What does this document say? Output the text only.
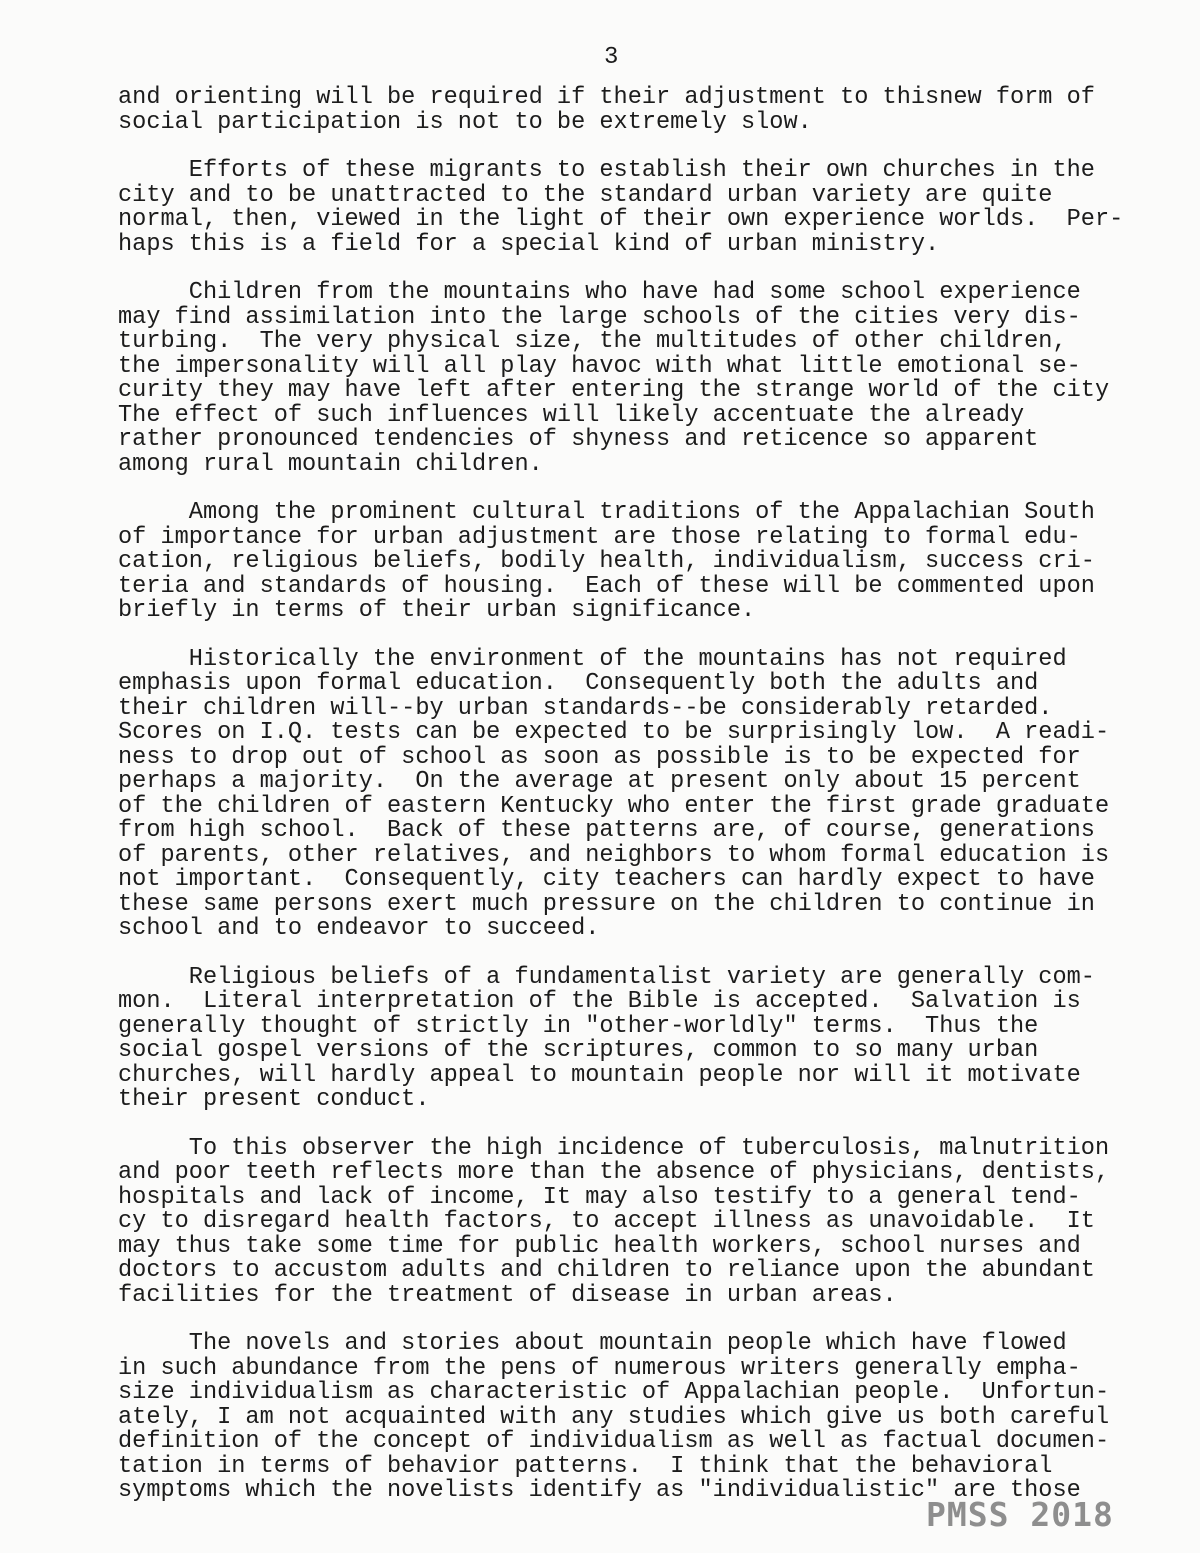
3
and orienting will be required if their adjustment to thisnew form of
social participation is not to be extremely slow.
Efforts of these migrants to establish their own churches in the
city and to be unattracted to the standard urban variety are quite
normal, then, viewed in the light of their own experience worlds.  Per-
haps this is a field for a special kind of urban ministry.
Children from the mountains who have had some school experience
may find assimilation into the large schools of the cities very dis-
turbing.  The very physical size, the multitudes of other children,
the impersonality will all play havoc with what little emotional se-
curity they may have left after entering the strange world of the city
The effect of such influences will likely accentuate the already
rather pronounced tendencies of shyness and reticence so apparent
among rural mountain children.
Among the prominent cultural traditions of the Appalachian South
of importance for urban adjustment are those relating to formal edu-
cation, religious beliefs, bodily health, individualism, success cri-
teria and standards of housing.  Each of these will be commented upon
briefly in terms of their urban significance.
Historically the environment of the mountains has not required
emphasis upon formal education.  Consequently both the adults and
their children will--by urban standards--be considerably retarded.
Scores on I.Q. tests can be expected to be surprisingly low.  A readi-
ness to drop out of school as soon as possible is to be expected for
perhaps a majority.  On the average at present only about 15 percent
of the children of eastern Kentucky who enter the first grade graduate
from high school.  Back of these patterns are, of course, generations
of parents, other relatives, and neighbors to whom formal education is
not important.  Consequently, city teachers can hardly expect to have
these same persons exert much pressure on the children to continue in
school and to endeavor to succeed.
Religious beliefs of a fundamentalist variety are generally com-
mon.  Literal interpretation of the Bible is accepted.  Salvation is
generally thought of strictly in "other-worldly" terms.  Thus the
social gospel versions of the scriptures, common to so many urban
churches, will hardly appeal to mountain people nor will it motivate
their present conduct.
To this observer the high incidence of tuberculosis, malnutrition
and poor teeth reflects more than the absence of physicians, dentists,
hospitals and lack of income, It may also testify to a general tend-
cy to disregard health factors, to accept illness as unavoidable.  It
may thus take some time for public health workers, school nurses and
doctors to accustom adults and children to reliance upon the abundant
facilities for the treatment of disease in urban areas.
The novels and stories about mountain people which have flowed
in such abundance from the pens of numerous writers generally empha-
size individualism as characteristic of Appalachian people.  Unfortun-
ately, I am not acquainted with any studies which give us both careful
definition of the concept of individualism as well as factual documen-
tation in terms of behavior patterns.  I think that the behavioral
symptoms which the novelists identify as "individualistic" are those
PMSS 2018
